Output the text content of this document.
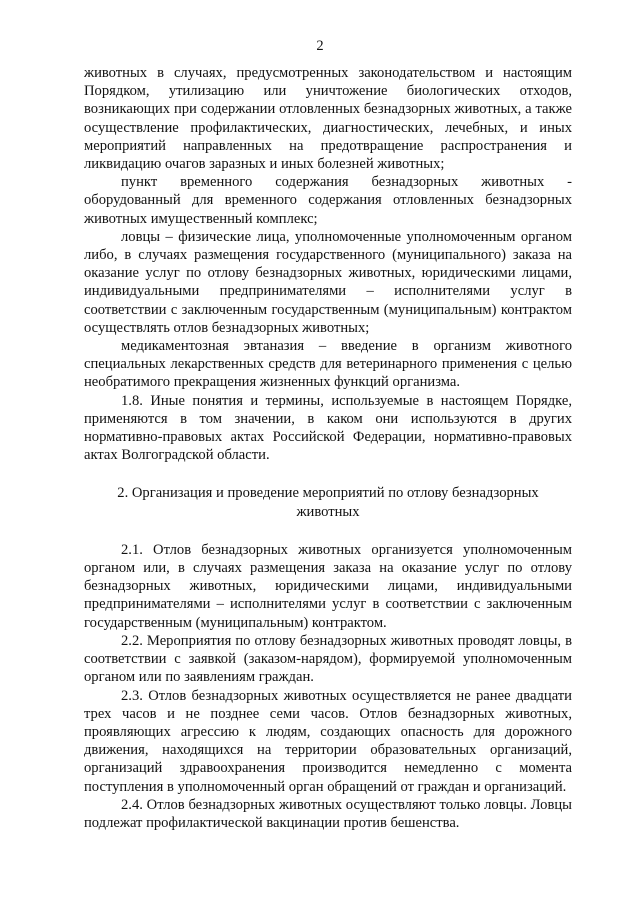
2

животных в случаях, предусмотренных законодательством и настоящим Порядком, утилизацию или уничтожение биологических отходов, возникающих при содержании отловленных безнадзорных животных, а также осуществление профилактических, диагностических, лечебных, и иных мероприятий направленных на предотвращение распространения и ликвидацию очагов заразных и иных болезней животных;

пункт временного содержания безнадзорных животных - оборудованный для временного содержания отловленных безнадзорных животных имущественный комплекс;

ловцы – физические лица, уполномоченные уполномоченным органом либо, в случаях размещения государственного (муниципального) заказа на оказание услуг по отлову безнадзорных животных, юридическими лицами, индивидуальными предпринимателями – исполнителями услуг в соответствии с заключенным государственным (муниципальным) контрактом осуществлять отлов безнадзорных животных;

медикаментозная эвтаназия – введение в организм животного специальных лекарственных средств для ветеринарного применения с целью необратимого прекращения жизненных функций организма.

1.8. Иные понятия и термины, используемые в настоящем Порядке, применяются в том значении, в каком они используются в других нормативно-правовых актах Российской Федерации, нормативно-правовых актах Волгоградской области.

2. Организация и проведение мероприятий по отлову безнадзорных животных

2.1. Отлов безнадзорных животных организуется уполномоченным органом или, в случаях размещения заказа на оказание услуг по отлову безнадзорных животных, юридическими лицами, индивидуальными предпринимателями – исполнителями услуг в соответствии с заключенным государственным (муниципальным) контрактом.

2.2. Мероприятия по отлову безнадзорных животных проводят ловцы, в соответствии с заявкой (заказом-нарядом), формируемой уполномоченным органом или по заявлениям граждан.

2.3. Отлов безнадзорных животных осуществляется не ранее двадцати трех часов и не позднее семи часов. Отлов безнадзорных животных, проявляющих агрессию к людям, создающих опасность для дорожного движения, находящихся на территории образовательных организаций, организаций здравоохранения производится немедленно с момента поступления в уполномоченный орган обращений от граждан и организаций.

2.4. Отлов безнадзорных животных осуществляют только ловцы. Ловцы подлежат профилактической вакцинации против бешенства.
